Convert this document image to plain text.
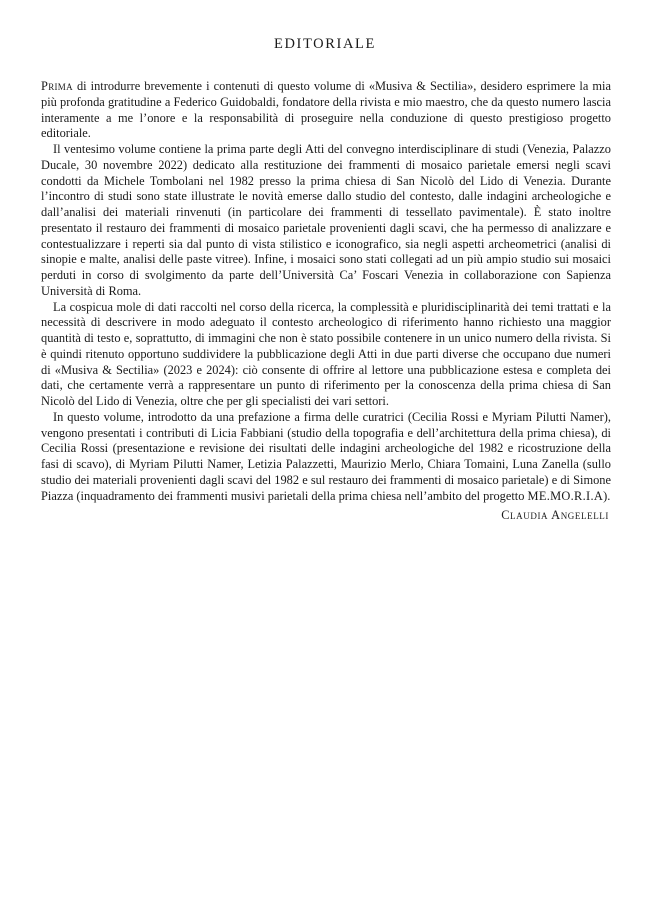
EDITORIALE

Prima di introdurre brevemente i contenuti di questo volume di «Musiva & Sectilia», desidero esprimere la mia più profonda gratitudine a Federico Guidobaldi, fondatore della rivista e mio maestro, che da questo numero lascia interamente a me l’onore e la responsabilità di proseguire nella conduzione di questo prestigioso progetto editoriale.

Il ventesimo volume contiene la prima parte degli Atti del convegno interdisciplinare di studi (Venezia, Palazzo Ducale, 30 novembre 2022) dedicato alla restituzione dei frammenti di mosaico parietale emersi negli scavi condotti da Michele Tombolani nel 1982 presso la prima chiesa di San Nicolò del Lido di Venezia. Durante l’incontro di studi sono state illustrate le novità emerse dallo studio del contesto, dalle indagini archeologiche e dall’analisi dei materiali rinvenuti (in particolare dei frammenti di tessellato pavimentale). È stato inoltre presentato il restauro dei frammenti di mosaico parietale provenienti dagli scavi, che ha permesso di analizzare e contestualizzare i reperti sia dal punto di vista stilistico e iconografico, sia negli aspetti archeometrici (analisi di sinopie e malte, analisi delle paste vitree). Infine, i mosaici sono stati collegati ad un più ampio studio sui mosaici perduti in corso di svolgimento da parte dell’Università Ca’ Foscari Venezia in collaborazione con Sapienza Università di Roma.

La cospicua mole di dati raccolti nel corso della ricerca, la complessità e pluridisciplinarità dei temi trattati e la necessità di descrivere in modo adeguato il contesto archeologico di riferimento hanno richiesto una maggior quantità di testo e, soprattutto, di immagini che non è stato possibile contenere in un unico numero della rivista. Si è quindi ritenuto opportuno suddividere la pubblicazione degli Atti in due parti diverse che occupano due numeri di «Musiva & Sectilia» (2023 e 2024): ciò consente di offrire al lettore una pubblicazione estesa e completa dei dati, che certamente verrà a rappresentare un punto di riferimento per la conoscenza della prima chiesa di San Nicolò del Lido di Venezia, oltre che per gli specialisti dei vari settori.

In questo volume, introdotto da una prefazione a firma delle curatrici (Cecilia Rossi e Myriam Pilutti Namer), vengono presentati i contributi di Licia Fabbiani (studio della topografia e dell’architettura della prima chiesa), di Cecilia Rossi (presentazione e revisione dei risultati delle indagini archeologiche del 1982 e ricostruzione della fasi di scavo), di Myriam Pilutti Namer, Letizia Palazzetti, Maurizio Merlo, Chiara Tomaini, Luna Zanella (sullo studio dei materiali provenienti dagli scavi del 1982 e sul restauro dei frammenti di mosaico parietale) e di Simone Piazza (inquadramento dei frammenti musivi parietali della prima chiesa nell’ambito del progetto ME.MO.R.I.A).

Claudia Angelelli
